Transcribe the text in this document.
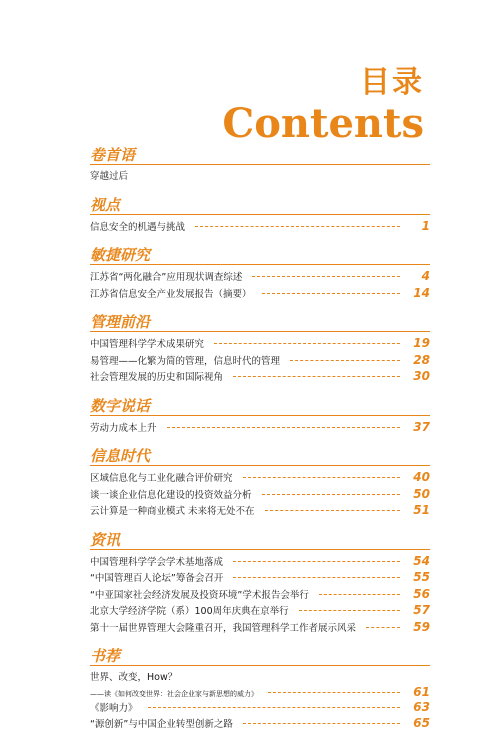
目录
Contents
卷首语
穿越过后
视点
信息安全的机遇与挑战	1
敏捷研究
江苏省“两化融合”应用现状调查综述	4
江苏省信息安全产业发展报告（摘要）	14
管理前沿
中国管理科学学术成果研究	19
易管理——化繁为简的管理，信息时代的管理	28
社会管理发展的历史和国际视角	30
数字说话
劳动力成本上升	37
信息时代
区域信息化与工业化融合评价研究	40
谈一谈企业信息化建设的投资效益分析	50
云计算是一种商业模式 未来将无处不在	51
资讯
中国管理科学学会学术基地落成	54
“中国管理百人论坛”筹备会召开	55
“中亚国家社会经济发展及投资环境”学术报告会举行	56
北京大学经济学院（系）100周年庆典在京举行	57
第十一届世界管理大会隆重召开，我国管理科学工作者展示风采	59
书荐
世界、改变，How？
——读《如何改变世界：社会企业家与新思想的威力》	61
《影响力》	63
“源创新”与中国企业转型创新之路	65
